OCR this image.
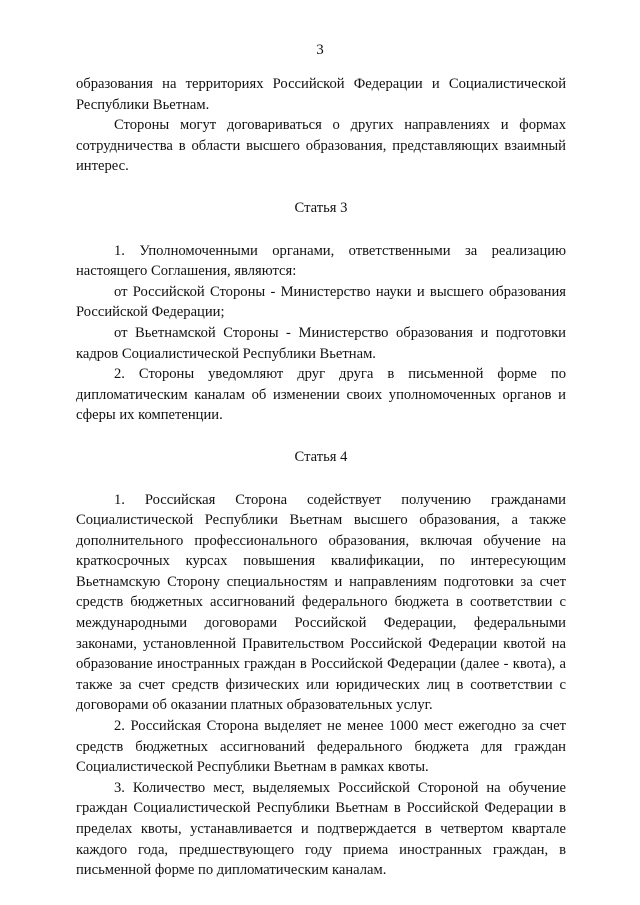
3

образования на территориях Российской Федерации и Социалистической Республики Вьетнам.

Стороны могут договариваться о других направлениях и формах сотрудничества в области высшего образования, представляющих взаимный интерес.

Статья 3

1. Уполномоченными органами, ответственными за реализацию настоящего Соглашения, являются:

от Российской Стороны - Министерство науки и высшего образования Российской Федерации;

от Вьетнамской Стороны - Министерство образования и подготовки кадров Социалистической Республики Вьетнам.

2. Стороны уведомляют друг друга в письменной форме по дипломатическим каналам об изменении своих уполномоченных органов и сферы их компетенции.

Статья 4

1. Российская Сторона содействует получению гражданами Социалистической Республики Вьетнам высшего образования, а также дополнительного профессионального образования, включая обучение на краткосрочных курсах повышения квалификации, по интересующим Вьетнамскую Сторону специальностям и направлениям подготовки за счет средств бюджетных ассигнований федерального бюджета в соответствии с международными договорами Российской Федерации, федеральными законами, установленной Правительством Российской Федерации квотой на образование иностранных граждан в Российской Федерации (далее - квота), а также за счет средств физических или юридических лиц в соответствии с договорами об оказании платных образовательных услуг.

2. Российская Сторона выделяет не менее 1000 мест ежегодно за счет средств бюджетных ассигнований федерального бюджета для граждан Социалистической Республики Вьетнам в рамках квоты.

3. Количество мест, выделяемых Российской Стороной на обучение граждан Социалистической Республики Вьетнам в Российской Федерации в пределах квоты, устанавливается и подтверждается в четвертом квартале каждого года, предшествующего году приема иностранных граждан, в письменной форме по дипломатическим каналам.
